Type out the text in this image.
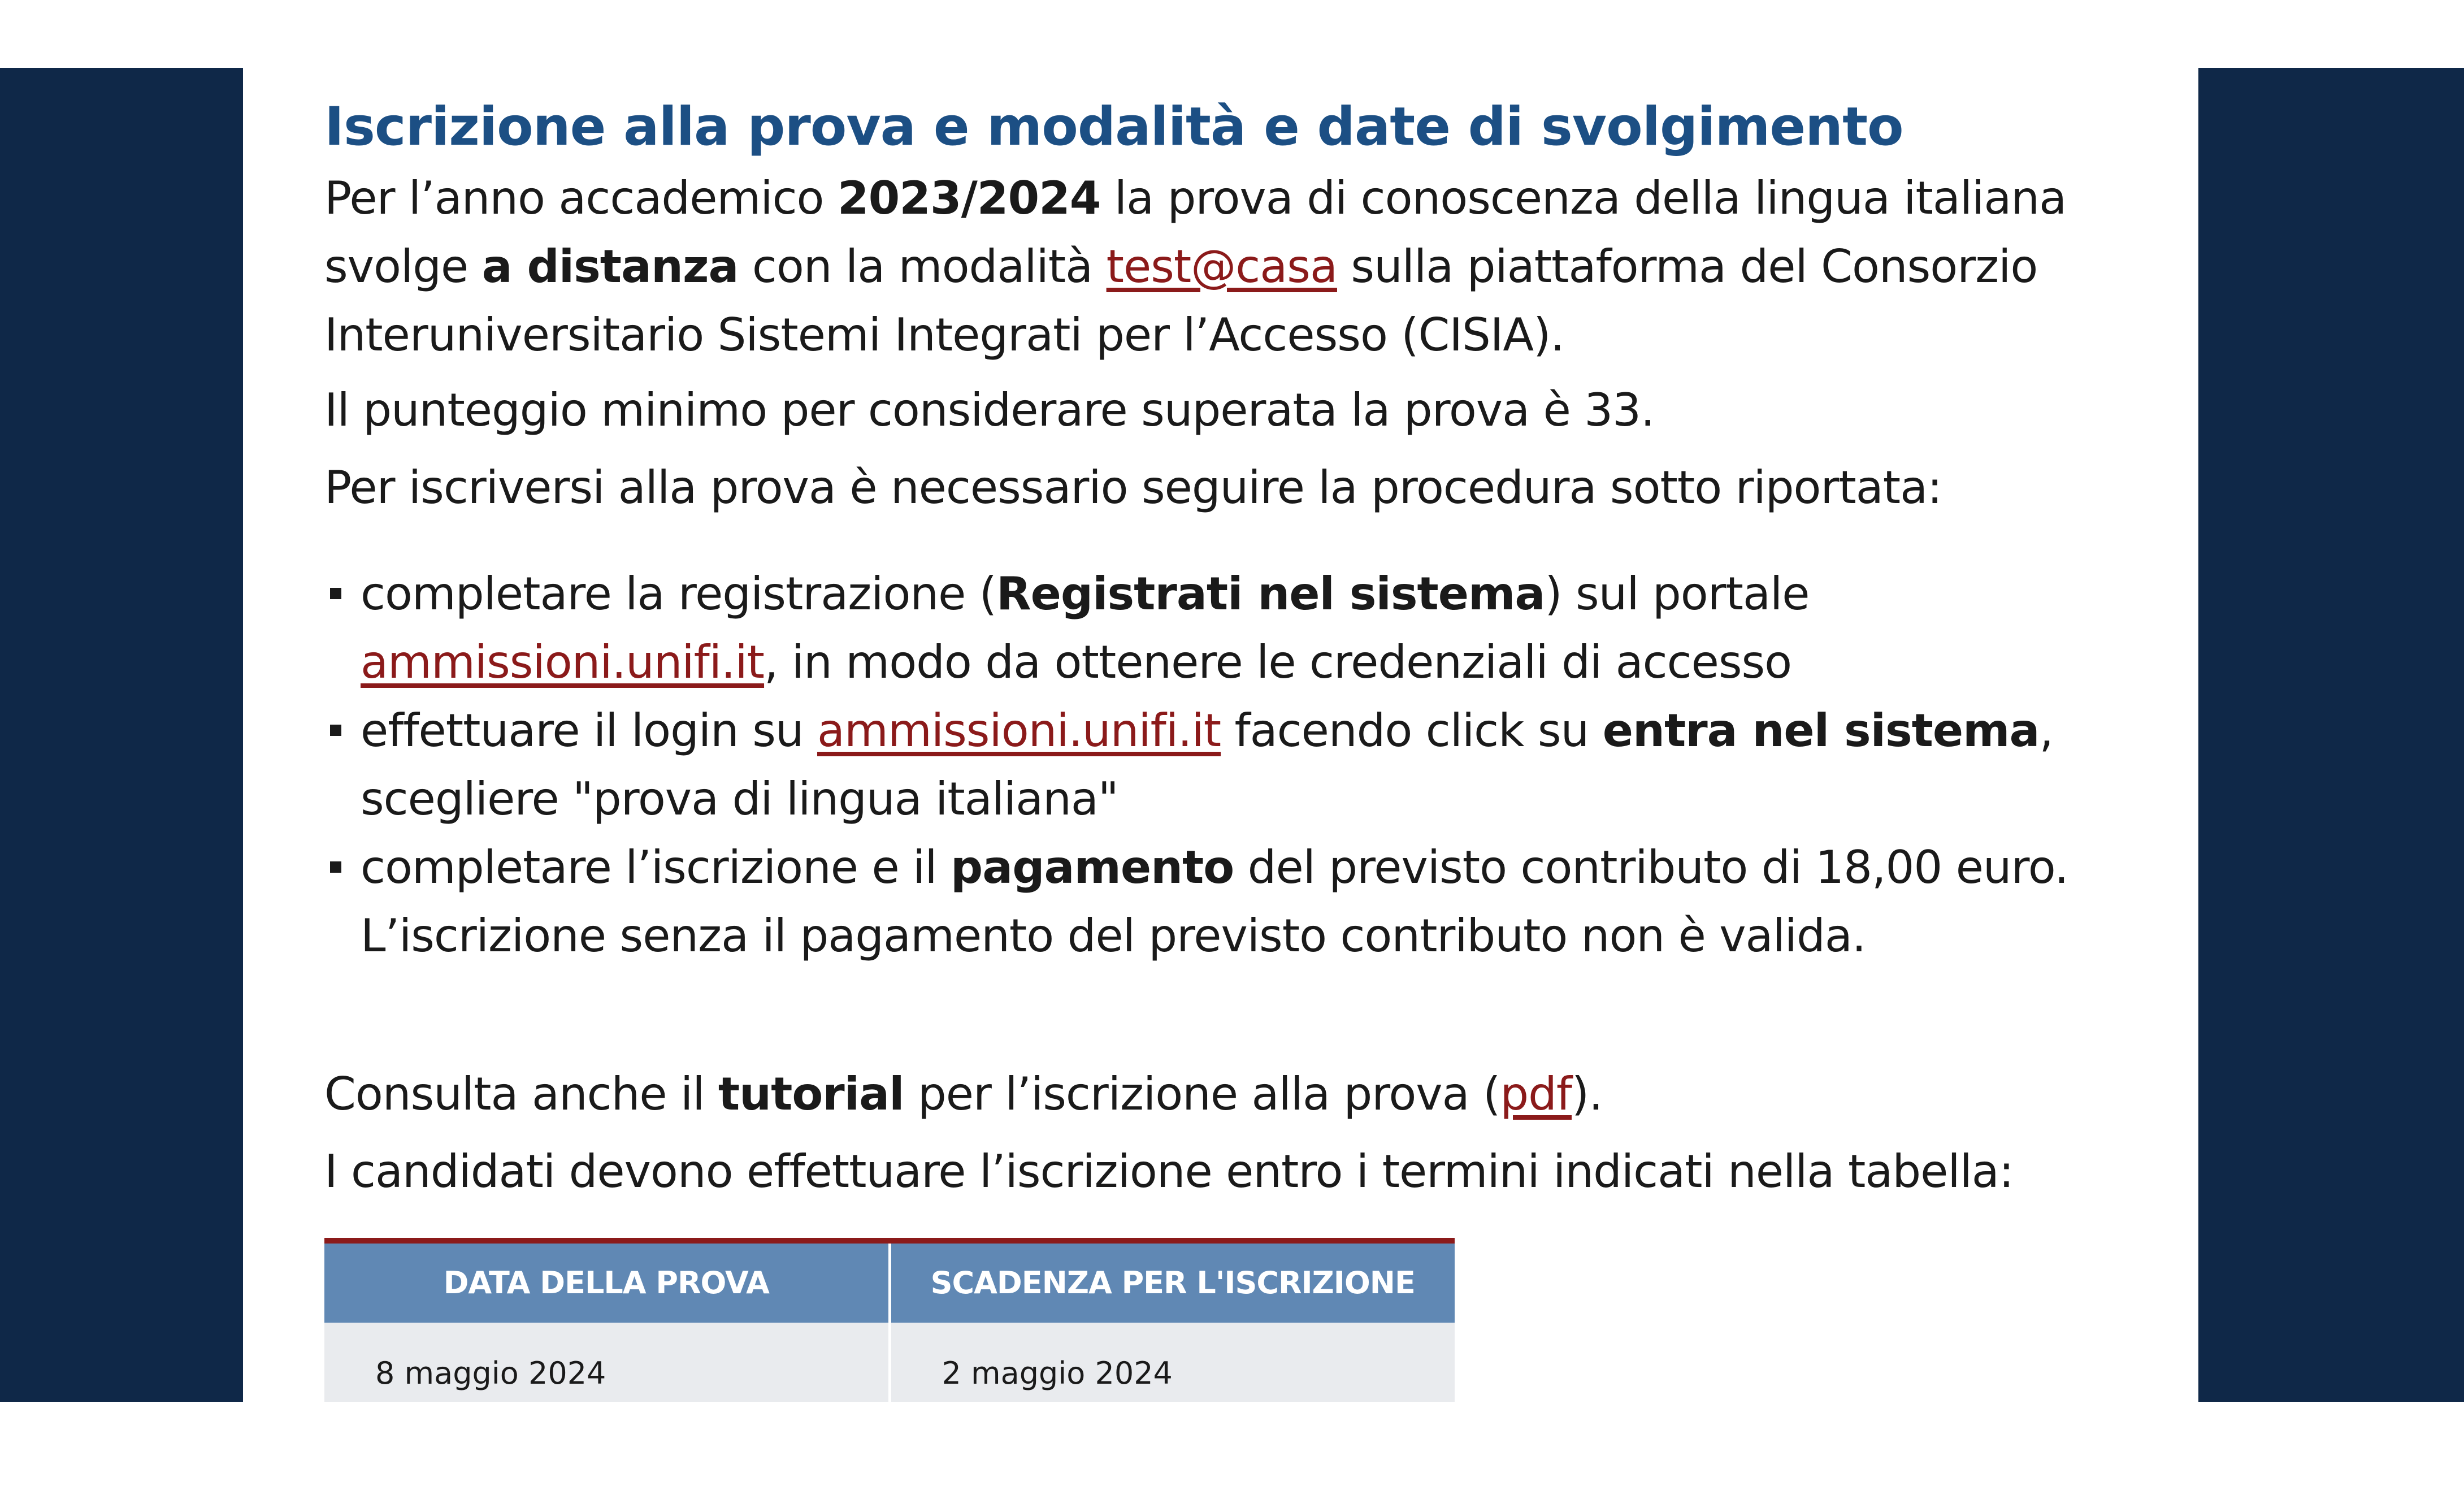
Iscrizione alla prova e modalità e date di svolgimento

Per l’anno accademico 2023/2024 la prova di conoscenza della lingua italiana svolge a distanza con la modalità test@casa sulla piattaforma del Consorzio Interuniversitario Sistemi Integrati per l’Accesso (CISIA).

Il punteggio minimo per considerare superata la prova è 33.

Per iscriversi alla prova è necessario seguire la procedura sotto riportata:

completare la registrazione (Registrati nel sistema) sul portale ammissioni.unifi.it, in modo da ottenere le credenziali di accesso
effettuare il login su ammissioni.unifi.it facendo click su entra nel sistema, scegliere "prova di lingua italiana"
completare l’iscrizione e il pagamento del previsto contributo di 18,00 euro. L’iscrizione senza il pagamento del previsto contributo non è valida.

Consulta anche il tutorial per l’iscrizione alla prova (pdf).

I candidati devono effettuare l’iscrizione entro i termini indicati nella tabella:

DATA DELLA PROVA	SCADENZA PER L'ISCRIZIONE
8 maggio 2024	2 maggio 2024
